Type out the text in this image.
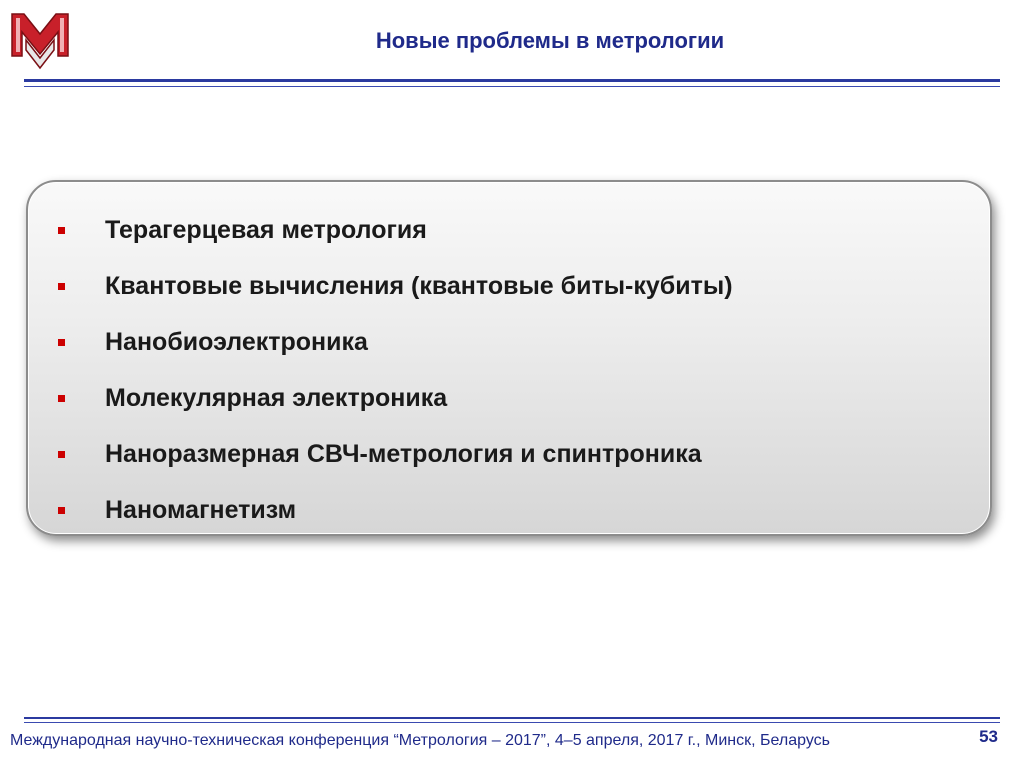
Новые проблемы в метрологии
Терагерцевая метрология
Квантовые вычисления (квантовые биты-кубиты)
Нанобиоэлектроника
Молекулярная электроника
Наноразмерная СВЧ-метрология и спинтроника
Наномагнетизм

Международная научно-техническая конференция “Метрология – 2017”, 4–5 апреля, 2017 г., Минск, Беларусь	53
